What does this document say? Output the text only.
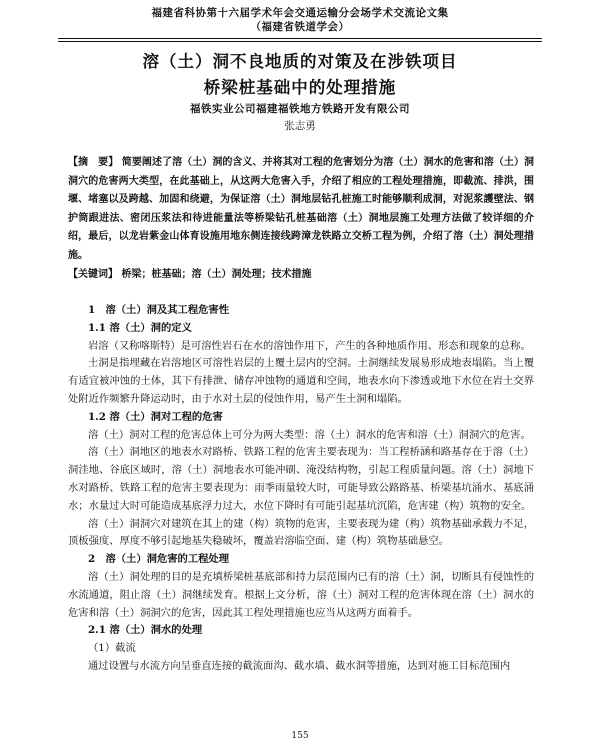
福建省科协第十六届学术年会交通运输分会场学术交流论文集
（福建省铁道学会）
溶（土）洞不良地质的对策及在涉铁项目
桥梁桩基础中的处理措施
福铁实业公司福建福铁地方铁路开发有限公司
张志勇
【摘　要】 简要阐述了溶（土）洞的含义、并将其对工程的危害划分为溶（土）洞水的危害和溶（土）洞洞穴的危害两大类型，在此基础上，从这两大危害入手，介绍了相应的工程处理措施，即截流、排洪，围堰、堵塞以及跨越、加固和绕避，为保证溶（土）洞地层钻孔桩施工时能够顺利成洞，对泥浆護壁法、钢护筒跟进法、密闭压浆法和待进能量法等桥梁钻孔桩基础溶（土）洞地层施工处理方法做了较详细的介绍，最后，以龙岩紫金山体育设施用地东侧连接线跨漳龙铁路立交桥工程为例，介绍了溶（土）洞处理措施。
【关键词】 桥梁；桩基础；溶（土）洞处理；技术措施

1　溶（土）洞及其工程危害性

1.1 溶（土）洞的定义

岩溶（又称喀斯特）是可溶性岩石在水的溶蚀作用下，产生的各种地质作用、形态和现象的总称。

土洞是指埋藏在岩溶地区可溶性岩层的上覆土层内的空洞。土洞继续发展易形成地表塌陷。当上覆有适宜被冲蚀的土体，其下有排泄、储存冲蚀物的通道和空间，地表水向下渗透或地下水位在岩土交界处附近作频繁升降运动时，由于水对土层的侵蚀作用，易产生土洞和塌陷。

1.2 溶（土）洞对工程的危害

溶（土）洞对工程的危害总体上可分为两大类型：溶（土）洞水的危害和溶（土）洞洞穴的危害。

溶（土）洞地区的地表水对路桥、铁路工程的危害主要表现为：当工程桥涵和路基存在于溶（土）洞洼地、谷底区域时，溶（土）洞地表水可能冲刷、淹没结构物，引起工程质量问题。溶（土）洞地下水对路桥、铁路工程的危害主要表现为：雨季雨量较大时，可能导致公路路基、桥梁基坑涌水、基底涌水；水量过大时可能造成基底浮力过大，水位下降时有可能引起基坑沉陷，危害建（构）筑物的安全。

溶（土）洞洞穴对建筑在其上的建（构）筑物的危害，主要表现为建（构）筑物基础承载力不足，顶板强度、厚度不够引起地基失稳破坏，覆盖岩溶临空面、建（构）筑物基础悬空。

2　溶（土）洞危害的工程处理

溶（土）洞处理的目的是充填桥梁桩基底部和持力层范围内已有的溶（土）洞，切断具有侵蚀性的水流通道，阻止溶（土）洞继续发育。根据上文分析，溶（土）洞对工程的危害体现在溶（土）洞水的危害和溶（土）洞洞穴的危害，因此其工程处理措施也应当从这两方面着手。

2.1 溶（土）洞水的处理

（1）截流

通过设置与水流方向呈垂直连接的截流面沟、截水墙、截水洞等措施，达到对施工目标范围内

155
